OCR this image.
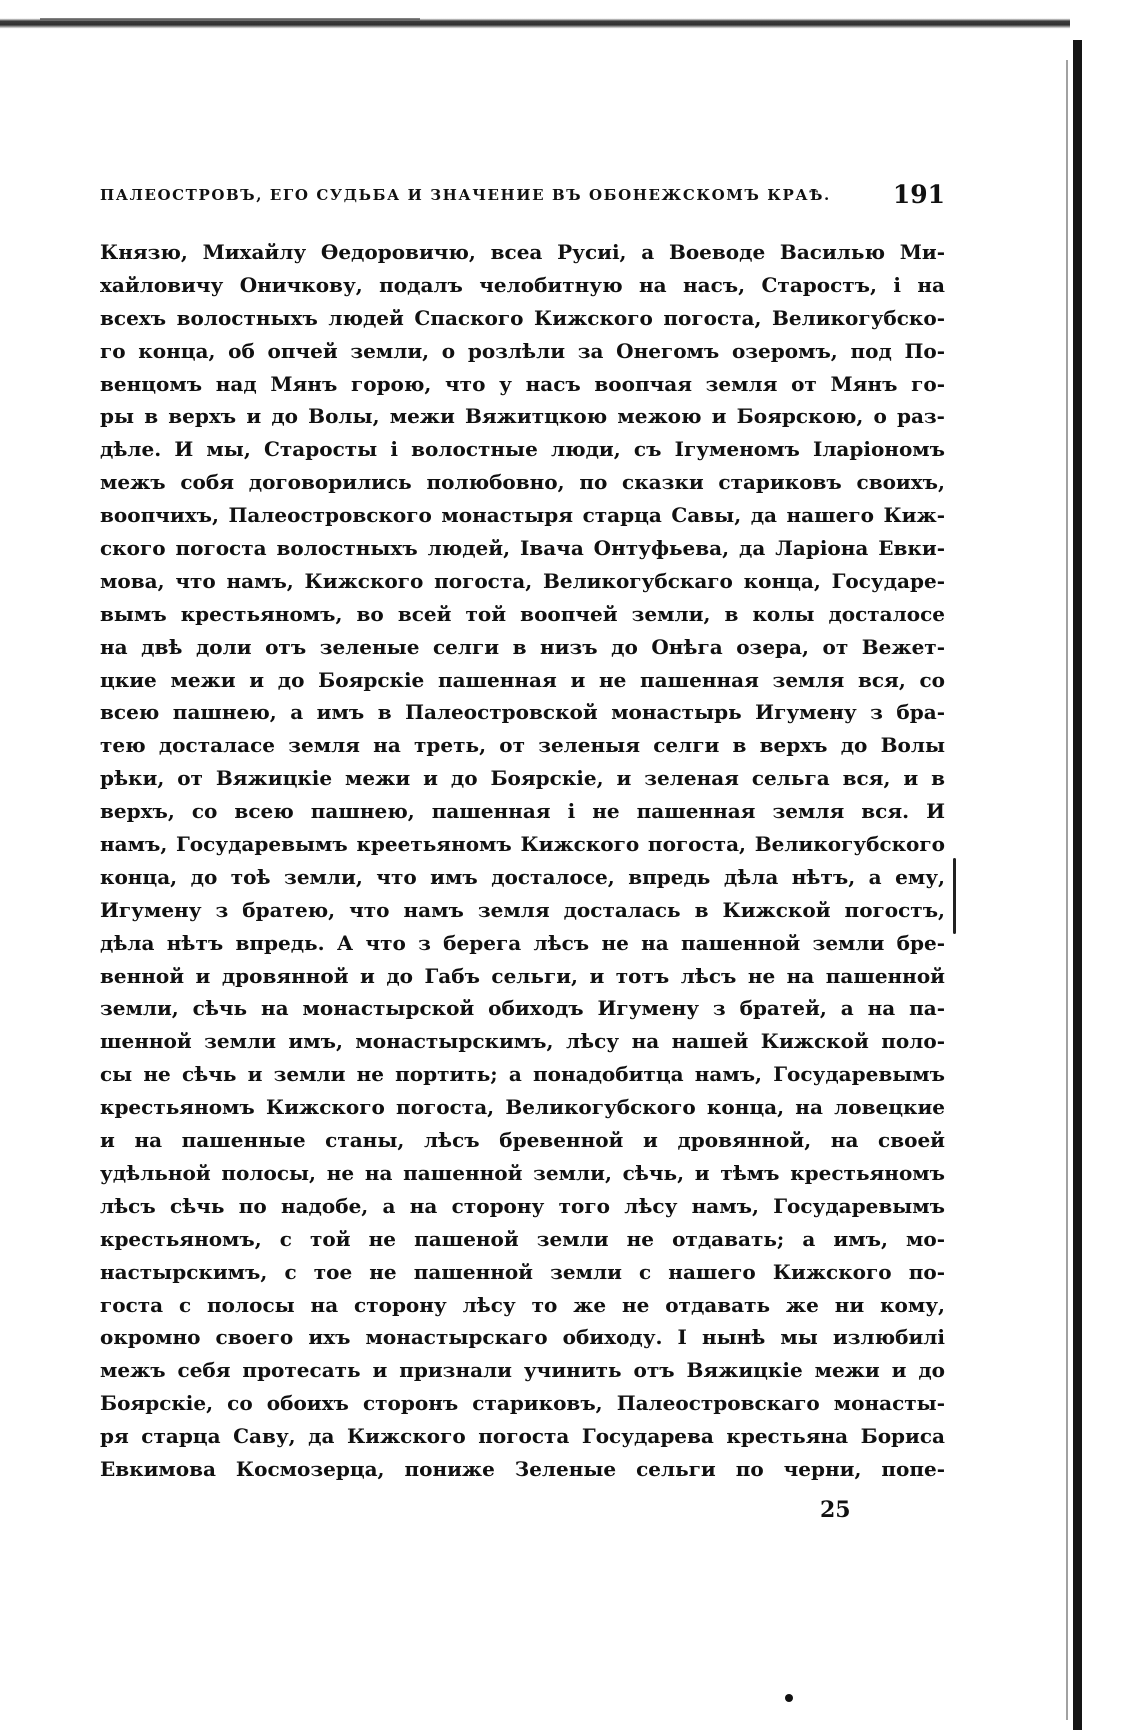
ПАЛЕОСТРОВЪ, ЕГО СУДЬБА И ЗНАЧЕНИЕ ВЪ ОБОНЕЖСКОМЪ КРАѢ. 191
Князю, Михайлу Өедоровичю, всеа Русиі, а Воеводе Василью Ми-
хайловичу Оничкову, подалъ челобитную на насъ, Старостъ, і на
всехъ волостныхъ людей Спаского Кижского погоста, Великогубско-
го конца, об опчей земли, о розлѣли за Онегомъ озеромъ, под По-
венцомъ над Мянъ горою, что у насъ воопчая земля от Мянъ го-
ры в верхъ и до Волы, межи Вяжитцкою межою и Боярскою, о раз-
дѣле. И мы, Старосты і волостные люди, съ Ігуменомъ Іларіономъ
межъ собя договорились полюбовно, по сказки стариковъ своихъ,
воопчихъ, Палеостровского монастыря старца Савы, да нашего Киж-
ского погоста волостныхъ людей, Івача Онтуфьева, да Ларіона Евки-
мова, что намъ, Кижского погоста, Великогубскаго конца, Государе-
вымъ крестьяномъ, во всей той воопчей земли, в колы досталосе
на двѣ доли отъ зеленые селги в низъ до Онѣга озера, от Вежет-
цкие межи и до Боярскіе пашенная и не пашенная земля вся, со
всею пашнею, а имъ в Палеостровской монастырь Игумену з бра-
тею досталасе земля на треть, от зеленыя селги в верхъ до Волы
рѣки, от Вяжицкіе межи и до Боярскіе, и зеленая сельга вся, и в
верхъ, со всею пашнею, пашенная і не пашенная земля вся. И
намъ, Государевымъ креетьяномъ Кижского погоста, Великогубского
конца, до тоѣ земли, что имъ досталосе, впредь дѣла нѣтъ, а ему,
Игумену з братею, что намъ земля досталась в Кижской погостъ,
дѣла нѣтъ впредь. А что з берега лѣсъ не на пашенной земли бре-
венной и дровянной и до Габъ сельги, и тотъ лѣсъ не на пашенной
земли, сѣчь на монастырской обиходъ Игумену з братей, а на па-
шенной земли имъ, монастырскимъ, лѣсу на нашей Кижской поло-
сы не сѣчь и земли не портить; а понадобитца намъ, Государевымъ
крестьяномъ Кижского погоста, Великогубского конца, на ловецкие
и на пашенные станы, лѣсъ бревенной и дровянной, на своей
удѣльной полосы, не на пашенной земли, сѣчь, и тѣмъ крестьяномъ
лѣсъ сѣчь по надобе, а на сторону того лѣсу намъ, Государевымъ
крестьяномъ, с той не пашеной земли не отдавать; а имъ, мо-
настырскимъ, с тое не пашенной земли с нашего Кижского по-
госта с полосы на сторону лѣсу то же не отдавать же ни кому,
окромно своего ихъ монастырскаго обиходу. І нынѣ мы излюбилі
межъ себя протесать и признали учинить отъ Вяжицкіе межи и до
Боярскіе, со обоихъ сторонъ стариковъ, Палеостровскаго монасты-
ря старца Саву, да Кижского погоста Государева крестьяна Бориса
Евкимова Космозерца, пониже Зеленые сельги по черни, попе-
25
